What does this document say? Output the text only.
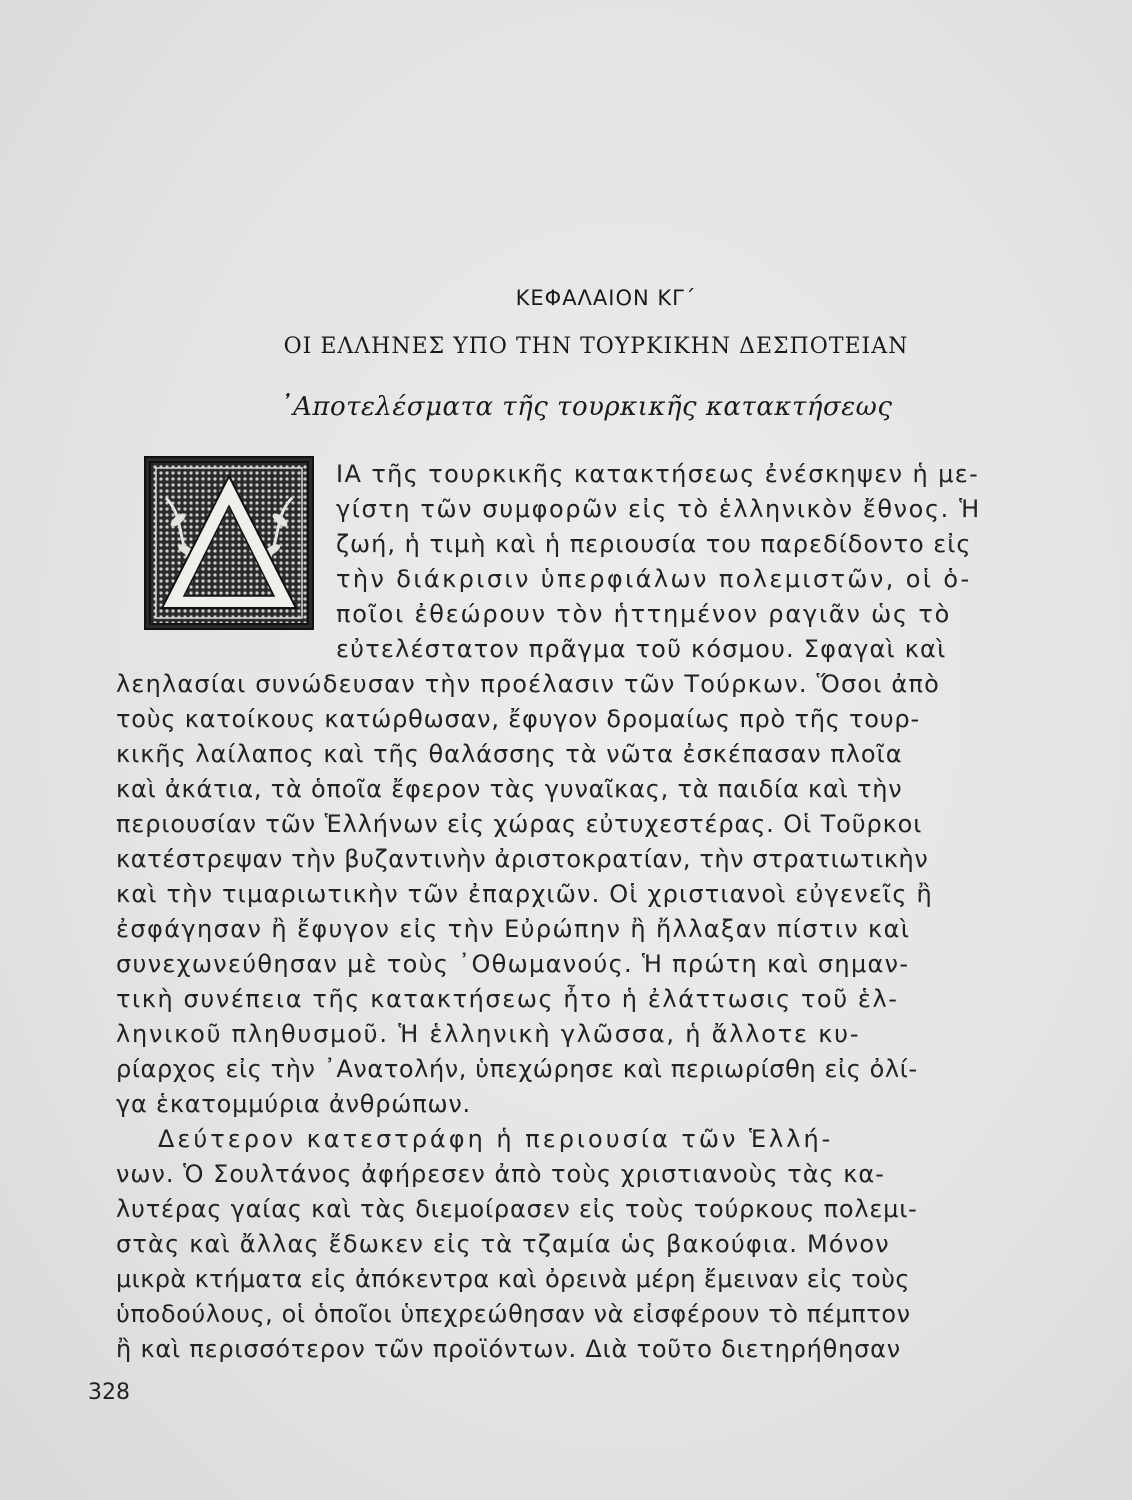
ΚΕΦΑΛΑΙΟΝ ΚΓ΄
ΟΙ ΕΛΛΗΝΕΣ ΥΠΟ ΤΗΝ ΤΟΥΡΚΙΚΗΝ ΔΕΣΠΟΤΕΙΑΝ
᾿Αποτελέσματα τῆς τουρκικῆς κατακτήσεως
ΙΑ τῆς τουρκικῆς κατακτήσεως ἐνέσκηψεν ἡ με-
γίστη τῶν συμφορῶν εἰς τὸ ἑλληνικὸν ἔθνος. Ἡ
ζωή, ἡ τιμὴ καὶ ἡ περιουσία του παρεδίδοντο εἰς
τὴν διάκρισιν ὑπερφιάλων πολεμιστῶν, οἱ ὁ-
ποῖοι ἐθεώρουν τὸν ἡττημένον ραγιᾶν ὡς τὸ
εὐτελέστατον πρᾶγμα τοῦ κόσμου. Σφαγαὶ καὶ
λεηλασίαι συνώδευσαν τὴν προέλασιν τῶν Τούρκων. Ὅσοι ἀπὸ
τοὺς κατοίκους κατώρθωσαν, ἔφυγον δρομαίως πρὸ τῆς τουρ-
κικῆς λαίλαπος καὶ τῆς θαλάσσης τὰ νῶτα ἐσκέπασαν πλοῖα
καὶ ἀκάτια, τὰ ὁποῖα ἔφερον τὰς γυναῖκας, τὰ παιδία καὶ τὴν
περιουσίαν τῶν Ἑλλήνων εἰς χώρας εὐτυχεστέρας. Οἱ Τοῦρκοι
κατέστρεψαν τὴν βυζαντινὴν ἀριστοκρατίαν, τὴν στρατιωτικὴν
καὶ τὴν τιμαριωτικὴν τῶν ἐπαρχιῶν. Οἱ χριστιανοὶ εὐγενεῖς ἢ
ἐσφάγησαν ἢ ἔφυγον εἰς τὴν Εὐρώπην ἢ ἤλλαξαν πίστιν καὶ
συνεχωνεύθησαν μὲ τοὺς ᾿Οθωμανούς. Ἡ πρώτη καὶ σημαν-
τικὴ συνέπεια τῆς κατακτήσεως ἦτο ἡ ἐλάττωσις τοῦ ἑλ-
ληνικοῦ πληθυσμοῦ. Ἡ ἑλληνικὴ γλῶσσα, ἡ ἄλλοτε κυ-
ρίαρχος εἰς τὴν ᾿Ανατολήν, ὑπεχώρησε καὶ περιωρίσθη εἰς ὀλί-
γα ἑκατομμύρια ἀνθρώπων.
Δεύτερον κατεστράφη ἡ περιουσία τῶν Ἑλλή-
νων. Ὁ Σουλτάνος ἀφήρεσεν ἀπὸ τοὺς χριστιανοὺς τὰς κα-
λυτέρας γαίας καὶ τὰς διεμοίρασεν εἰς τοὺς τούρκους πολεμι-
στὰς καὶ ἄλλας ἔδωκεν εἰς τὰ τζαμία ὡς βακούφια. Μόνον
μικρὰ κτήματα εἰς ἀπόκεντρα καὶ ὀρεινὰ μέρη ἔμειναν εἰς τοὺς
ὑποδούλους, οἱ ὁποῖοι ὑπεχρεώθησαν νὰ εἰσφέρουν τὸ πέμπτον
ἢ καὶ περισσότερον τῶν προϊόντων. Διὰ τοῦτο διετηρήθησαν
328
